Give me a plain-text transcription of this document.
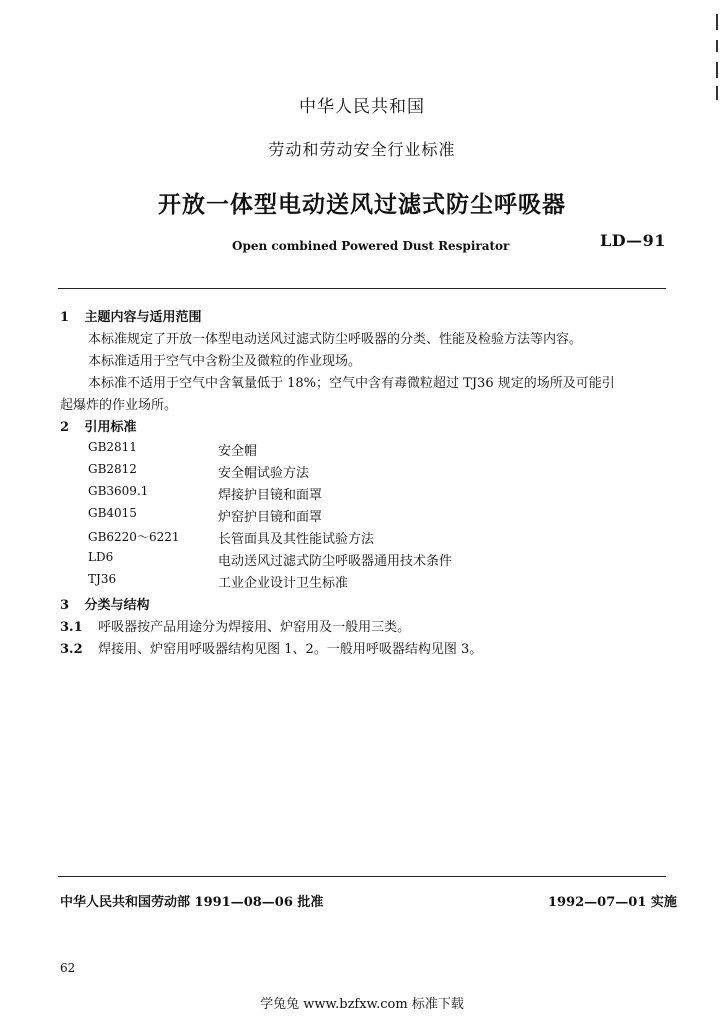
中华人民共和国
劳动和劳动安全行业标准
开放一体型电动送风过滤式防尘呼吸器
Open combined Powered Dust Respirator	LD—91
1 主题内容与适用范围
本标准规定了开放一体型电动送风过滤式防尘呼吸器的分类、性能及检验方法等内容。
本标准适用于空气中含粉尘及微粒的作业现场。
本标准不适用于空气中含氧量低于 18%；空气中含有毒微粒超过 TJ36 规定的场所及可能引
起爆炸的作业场所。
2 引用标准
GB2811	安全帽
GB2812	安全帽试验方法
GB3609.1	焊接护目镜和面罩
GB4015	炉窑护目镜和面罩
GB6220～6221	长管面具及其性能试验方法
LD6	电动送风过滤式防尘呼吸器通用技术条件
TJ36	工业企业设计卫生标准
3 分类与结构
3.1 呼吸器按产品用途分为焊接用、炉窑用及一般用三类。
3.2 焊接用、炉窑用呼吸器结构见图 1、2。一般用呼吸器结构见图 3。
中华人民共和国劳动部 1991—08—06 批准	1992—07—01 实施
62
学兔兔 www.bzfxw.com 标准下载
